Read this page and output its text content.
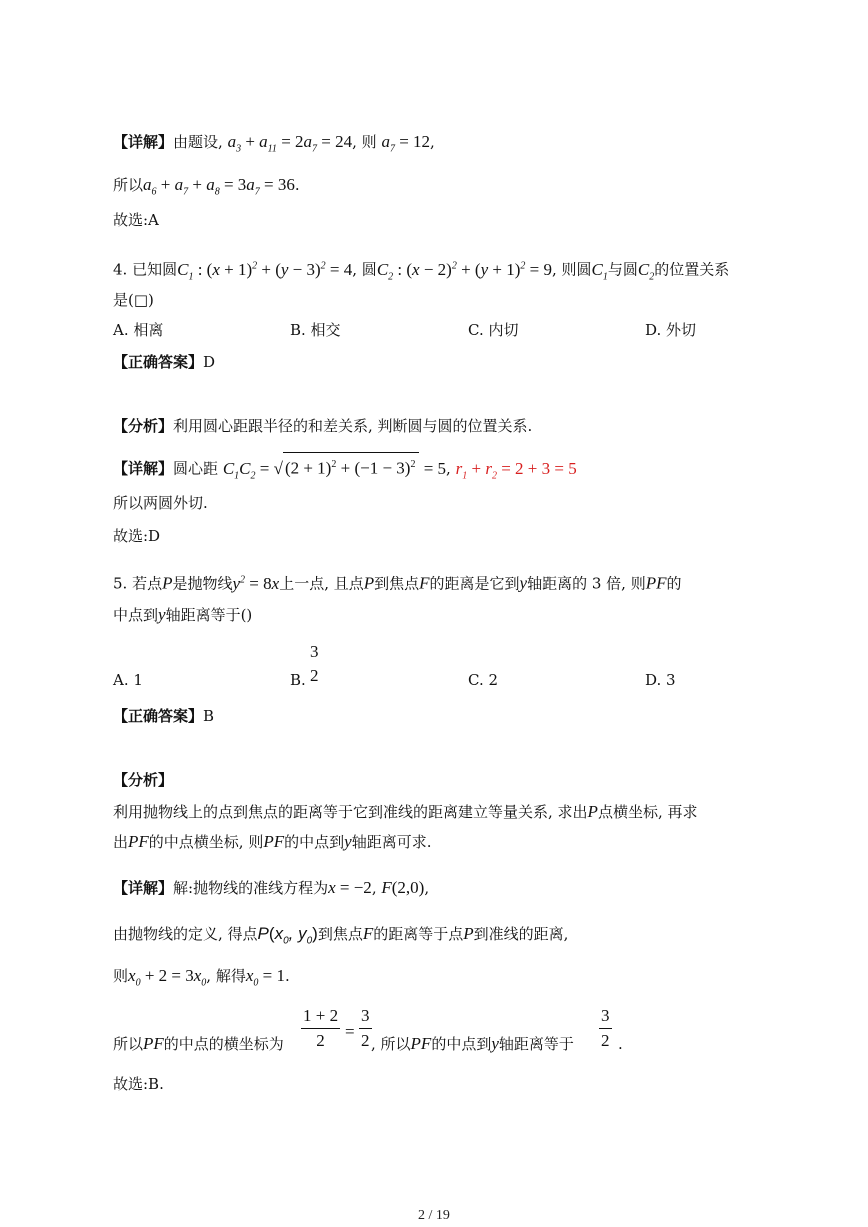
【详解】由题设, $a_3 + a_{11} = 2a_7 = 24$, 则 $a_7 = 12$,
所以$a_6 + a_7 + a_8 = 3a_7 = 36$.
故选:A
4. 已知圆$C_1$ : $(x + 1)^2 + (y - 3)^2 = 4$, 圆$C_2$ : $(x - 2)^2 + (y + 1)^2 = 9$, 则圆$C_1$与圆$C_2$的位置关系
是(□)
A. 相离	B. 相交	C. 内切	D. 外切
【正确答案】D
【分析】利用圆心距跟半径的和差关系, 判断圆与圆的位置关系.
【详解】圆心距 $C_1C_2$ = √ $(2 + 1)^2 + (-1 - 3)^2 = 5$, $r_1 + r_2 = 2 + 3 = 5$
所以两圆外切.
故选:D
5. 若点P是抛物线$y^2 = 8x$上一点, 且点P到焦点F的距离是它到y轴距离的 3 倍, 则PF的
中点到y轴距离等于()
A. 1	B.
3
2	C. 2	D. 3
【正确答案】B
【分析】
利用抛物线上的点到焦点的距离等于它到准线的距离建立等量关系, 求出P点横坐标, 再求
出PF的中点横坐标, 则PF的中点到y轴距离可求.
【详解】解:抛物线的准线方程为x = −2, F(2,0),
由抛物线的定义, 得点$P(x_0$, $y_0$)到焦点F的距离等于点P到准线的距离,
则$x_0 + 2 = 3x_0$, 解得$x_0 = 1$.
所以PF的中点的横坐标为 $\frac{1 + 2}{2} = \frac{3}{2}$ , 所以PF的中点到y轴距离等于 $\frac{3}{2}$ .
故选:B.
2 / 19
